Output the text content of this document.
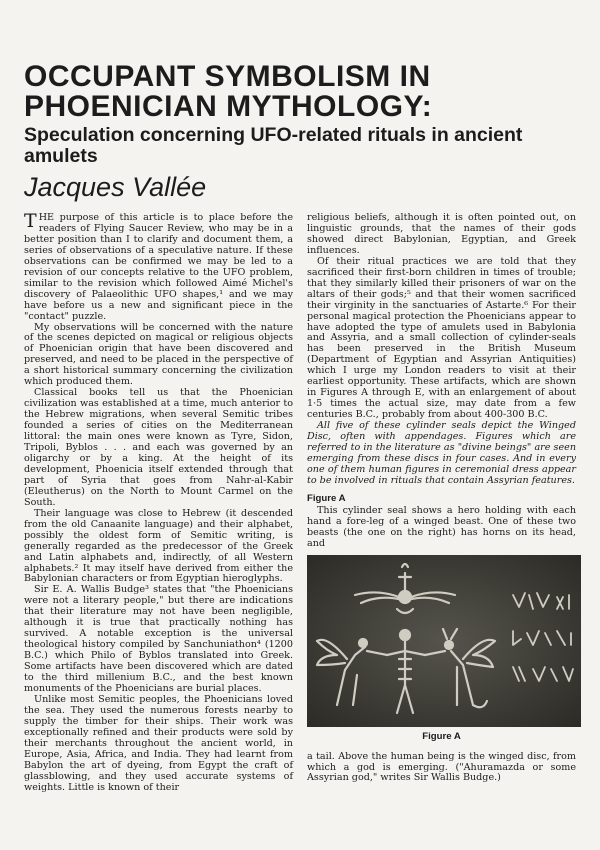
OCCUPANT SYMBOLISM IN
PHOENICIAN MYTHOLOGY:
Speculation concerning UFO-related rituals in ancient amulets
Jacques Vallée

THE purpose of this article is to place before the readers of Flying Saucer Review, who may be in a better position than I to clarify and document them, a series of observations of a speculative nature. If these observations can be confirmed we may be led to a revision of our concepts relative to the UFO problem, similar to the revision which followed Aimé Michel's discovery of Palaeolithic UFO shapes,¹ and we may have before us a new and significant piece in the "contact" puzzle.

My observations will be concerned with the nature of the scenes depicted on magical or religious objects of Phoenician origin that have been discovered and preserved, and need to be placed in the perspective of a short historical summary concerning the civilization which produced them.

Classical books tell us that the Phoenician civilization was established at a time, much anterior to the Hebrew migrations, when several Semitic tribes founded a series of cities on the Mediterranean littoral: the main ones were known as Tyre, Sidon, Tripoli, Byblos . . . and each was governed by an oligarchy or by a king. At the height of its development, Phoenicia itself extended through that part of Syria that goes from Nahr-al-Kabir (Eleutherus) on the North to Mount Carmel on the South.

Their language was close to Hebrew (it descended from the old Canaanite language) and their alphabet, possibly the oldest form of Semitic writing, is generally regarded as the predecessor of the Greek and Latin alphabets and, indirectly, of all Western alphabets.² It may itself have derived from either the Babylonian characters or from Egyptian hieroglyphs.

Sir E. A. Wallis Budge³ states that "the Phoenicians were not a literary people," but there are indications that their literature may not have been negligible, although it is true that practically nothing has survived. A notable exception is the universal theological history compiled by Sanchuniathon⁴ (1200 B.C.) which Philo of Byblos translated into Greek. Some artifacts have been discovered which are dated to the third millenium B.C., and the best known monuments of the Phoenicians are burial places.

Unlike most Semitic peoples, the Phoenicians loved the sea. They used the numerous forests nearby to supply the timber for their ships. Their work was exceptionally refined and their products were sold by their merchants throughout the ancient world, in Europe, Asia, Africa, and India. They had learnt from Babylon the art of dyeing, from Egypt the craft of glassblowing, and they used accurate systems of weights. Little is known of their

religious beliefs, although it is often pointed out, on linguistic grounds, that the names of their gods showed direct Babylonian, Egyptian, and Greek influences.

Of their ritual practices we are told that they sacrificed their first-born children in times of trouble; that they similarly killed their prisoners of war on the altars of their gods;⁵ and that their women sacrificed their virginity in the sanctuaries of Astarte.⁶ For their personal magical protection the Phoenicians appear to have adopted the type of amulets used in Babylonia and Assyria, and a small collection of cylinder-seals has been preserved in the British Museum (Department of Egyptian and Assyrian Antiquities) which I urge my London readers to visit at their earliest opportunity. These artifacts, which are shown in Figures A through E, with an enlargement of about 1·5 times the actual size, may date from a few centuries B.C., probably from about 400-300 B.C.

All five of these cylinder seals depict the Winged Disc, often with appendages. Figures which are referred to in the literature as "divine beings" are seen emerging from these discs in four cases. And in every one of them human figures in ceremonial dress appear to be involved in rituals that contain Assyrian features.

Figure A

This cylinder seal shows a hero holding with each hand a fore-leg of a winged beast. One of these two beasts (the one on the right) has horns on its head, and

Figure A

a tail. Above the human being is the winged disc, from which a god is emerging. ("Ahuramazda or some Assyrian god," writes Sir Wallis Budge.)
